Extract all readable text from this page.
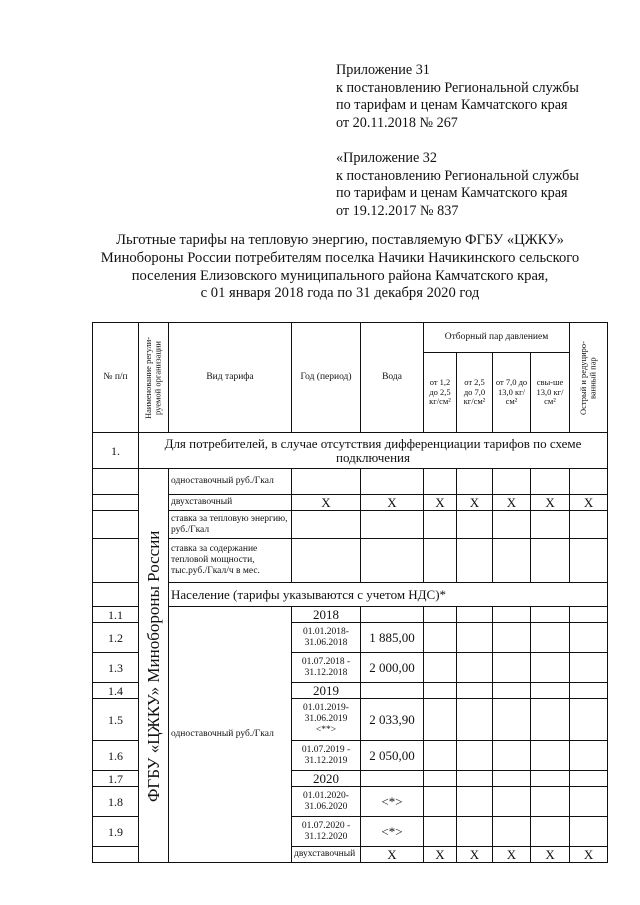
Приложение 31
к постановлению Региональной службы
по тарифам и ценам Камчатского края
от 20.11.2018 № 267
«Приложение 32
к постановлению Региональной службы
по тарифам и ценам Камчатского края
от 19.12.2017 № 837
Льготные тарифы на тепловую энергию, поставляемую ФГБУ «ЦЖКУ»
Минобороны России потребителям поселка Начики Начикинского сельского
поселения Елизовского муниципального района Камчатского края,
с 01 января 2018 года по 31 декабря 2020 год
№ п/п	Наименование регули-руемой организации	Вид тарифа	Год (период)	Вода	Отборный пар давлением				Острый и редуциро-ванный пар	

					от 1,2 до 2,5 кг/см²	от 2,5 до 7,0 кг/см²	от 7,0 до 13,0 кг/см²	свы-ше 13,0 кг/см²		
1.	Для потребителей, в случае отсутствия дифференциации тарифов по схеме подключения									

	ФГБУ «ЦЖКУ» Минобороны России	одноставочный руб./Гкал								
		двухставочный	Х	Х	Х	Х	Х	Х	Х	
		ставка за тепловую энергию, руб./Гкал								
		ставка за содержание тепловой мощности, тыс.руб./Гкал/ч в мес.								
		Население (тарифы указываются с учетом НДС)*								
1.1		одноставочный руб./Гкал	2018							
1.2			01.01.2018-31.06.2018	1 885,00						
1.3			01.07.2018 - 31.12.2018	2 000,00						
1.4			2019							
1.5			01.01.2019-31.06.2019 <**>	2 033,90						
1.6			01.07.2019 - 31.12.2019	2 050,00						
1.7			2020							
1.8			01.01.2020-31.06.2020	<*>						
1.9			01.07.2020 - 31.12.2020	<*>						
			двухставочный	Х	Х	Х	Х	Х	Х	
